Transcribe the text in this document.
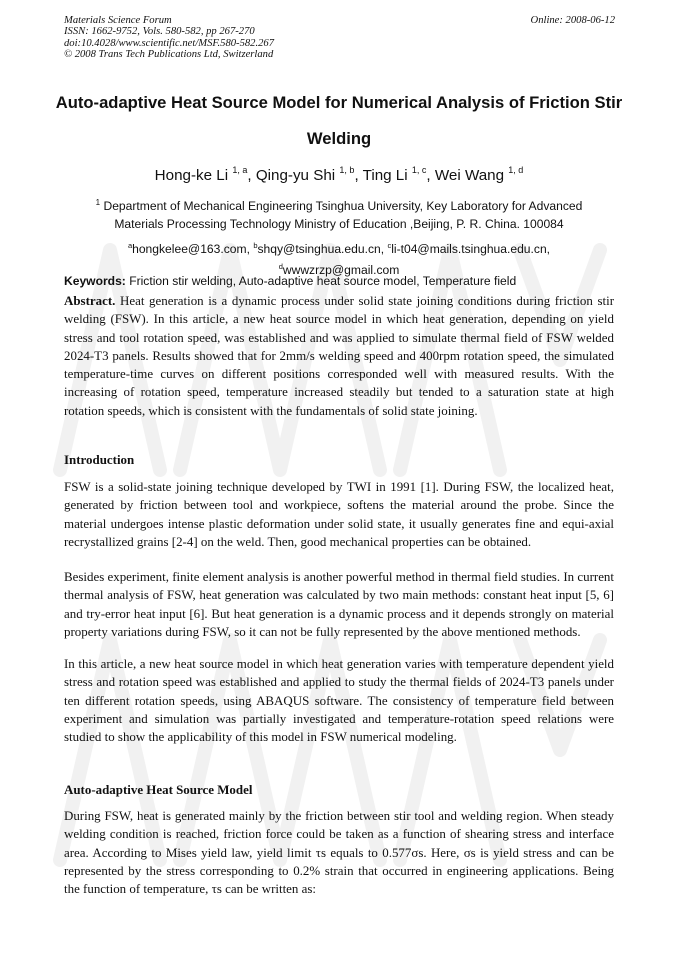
Materials Science Forum
ISSN: 1662-9752, Vols. 580-582, pp 267-270
doi:10.4028/www.scientific.net/MSF.580-582.267
© 2008 Trans Tech Publications Ltd, Switzerland
Online: 2008-06-12
Auto-adaptive Heat Source Model for Numerical Analysis of Friction Stir Welding
Hong-ke Li $^{1, a}$, Qing-yu Shi $^{1, b}$, Ting Li $^{1, c}$, Wei Wang $^{1, d}$
$^1$ Department of Mechanical Engineering Tsinghua University, Key Laboratory for Advanced
Materials Processing Technology Ministry of Education ,Beijing, P. R. China. 100084
$^a$hongkelee@163.com, $^b$shqy@tsinghua.edu.cn, $^c$li-t04@mails.tsinghua.edu.cn,
$^d$wwwzrzp@gmail.com
Keywords: Friction stir welding, Auto-adaptive heat source model, Temperature field

Abstract. Heat generation is a dynamic process under solid state joining conditions during friction stir welding (FSW). In this article, a new heat source model in which heat generation, depending on yield stress and tool rotation speed, was established and was applied to simulate thermal field of FSW welded 2024-T3 panels. Results showed that for 2mm/s welding speed and 400rpm rotation speed, the simulated temperature-time curves on different positions corresponded well with measured results. With the increasing of rotation speed, temperature increased steadily but tended to a saturation state at high rotation speeds, which is consistent with the fundamentals of solid state joining.

Introduction

FSW is a solid-state joining technique developed by TWI in 1991 [1]. During FSW, the localized heat, generated by friction between tool and workpiece, softens the material around the probe. Since the material undergoes intense plastic deformation under solid state, it usually generates fine and equi-axial recrystallized grains [2-4] on the weld. Then, good mechanical properties can be obtained.

Besides experiment, finite element analysis is another powerful method in thermal field studies. In current thermal analysis of FSW, heat generation was calculated by two main methods: constant heat input [5, 6] and try-error heat input [6]. But heat generation is a dynamic process and it depends strongly on material property variations during FSW, so it can not be fully represented by the above mentioned methods.

In this article, a new heat source model in which heat generation varies with temperature dependent yield stress and rotation speed was established and applied to study the thermal fields of 2024-T3 panels under ten different rotation speeds, using ABAQUS software. The consistency of temperature field between experiment and simulation was partially investigated and temperature-rotation speed relations were studied to show the applicability of this model in FSW numerical modeling.

Auto-adaptive Heat Source Model

During FSW, heat is generated mainly by the friction between stir tool and welding region. When steady welding condition is reached, friction force could be taken as a function of shearing stress and interface area. According to Mises yield law, yield limit τs equals to 0.577σs. Here, σs is yield stress and can be represented by the stress corresponding to 0.2% strain that occurred in engineering applications. Being the function of temperature, τs can be written as:
